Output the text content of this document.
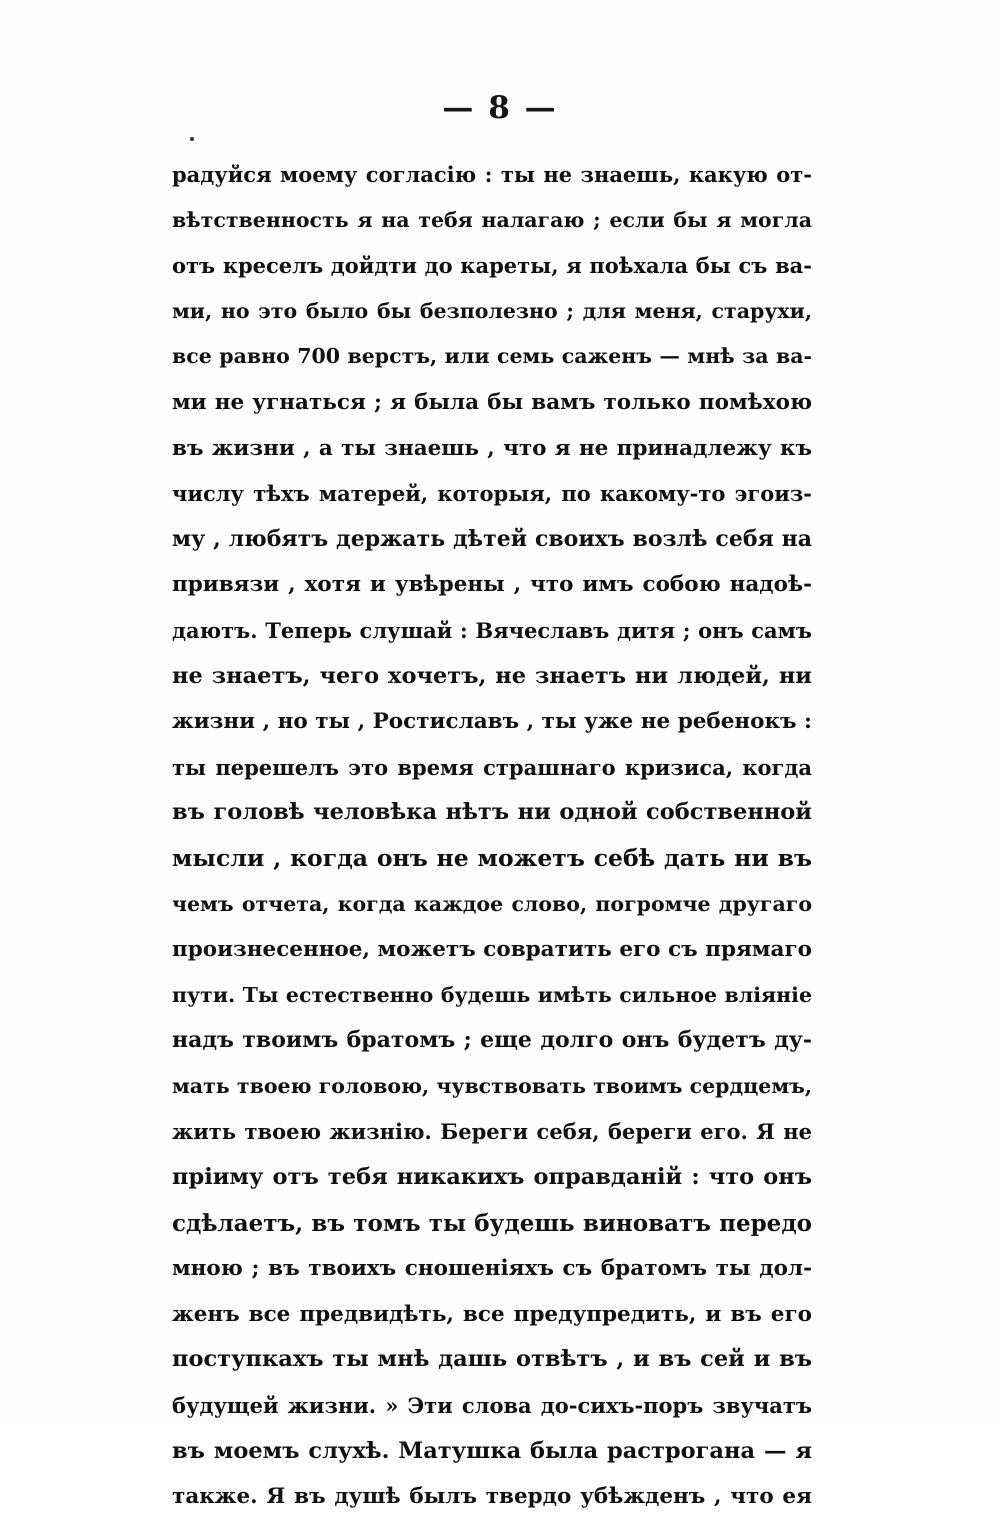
— 8 —
радуйся моему согласію : ты не знаешь, какую от-
вѣтственность я на тебя налагаю ; если бы я могла
отъ креселъ дойдти до кареты, я поѣхала бы съ ва-
ми, но это было бы безполезно ; для меня, старухи,
все равно 700 верстъ, или семь саженъ — мнѣ за ва-
ми не угнаться ; я была бы вамъ только помѣхою
въ жизни , а ты знаешь , что я не принадлежу къ
числу тѣхъ матерей, которыя, по какому-то эгоиз-
му , любятъ держать дѣтей своихъ возлѣ себя на
привязи , хотя и увѣрены , что имъ собою надоѣ-
даютъ. Теперь слушай : Вячеславъ дитя ; онъ самъ
не знаетъ, чего хочетъ, не знаетъ ни людей, ни
жизни , но ты , Ростиславъ , ты уже не ребенокъ :
ты перешелъ это время страшнаго кризиса, когда
въ головѣ человѣка нѣтъ ни одной собственной
мысли , когда онъ не можетъ себѣ дать ни въ
чемъ отчета, когда каждое слово, погромче другаго
произнесенное, можетъ совратить его съ прямаго
пути. Ты естественно будешь имѣть сильное вліяніе
надъ твоимъ братомъ ; еще долго онъ будетъ ду-
мать твоею головою, чувствовать твоимъ сердцемъ,
жить твоею жизнію. Береги себя, береги его. Я не
пріиму отъ тебя никакихъ оправданій : что онъ
сдѣлаетъ, въ томъ ты будешь виноватъ передо
мною ; въ твоихъ сношеніяхъ съ братомъ ты дол-
женъ все предвидѣть, все предупредить, и въ его
поступкахъ ты мнѣ дашь отвѣтъ , и въ сей и въ
будущей жизни. » Эти слова до-сихъ-поръ звучатъ
въ моемъ слухѣ. Матушка была растрогана — я
также. Я въ душѣ былъ твердо убѣжденъ , что ея
